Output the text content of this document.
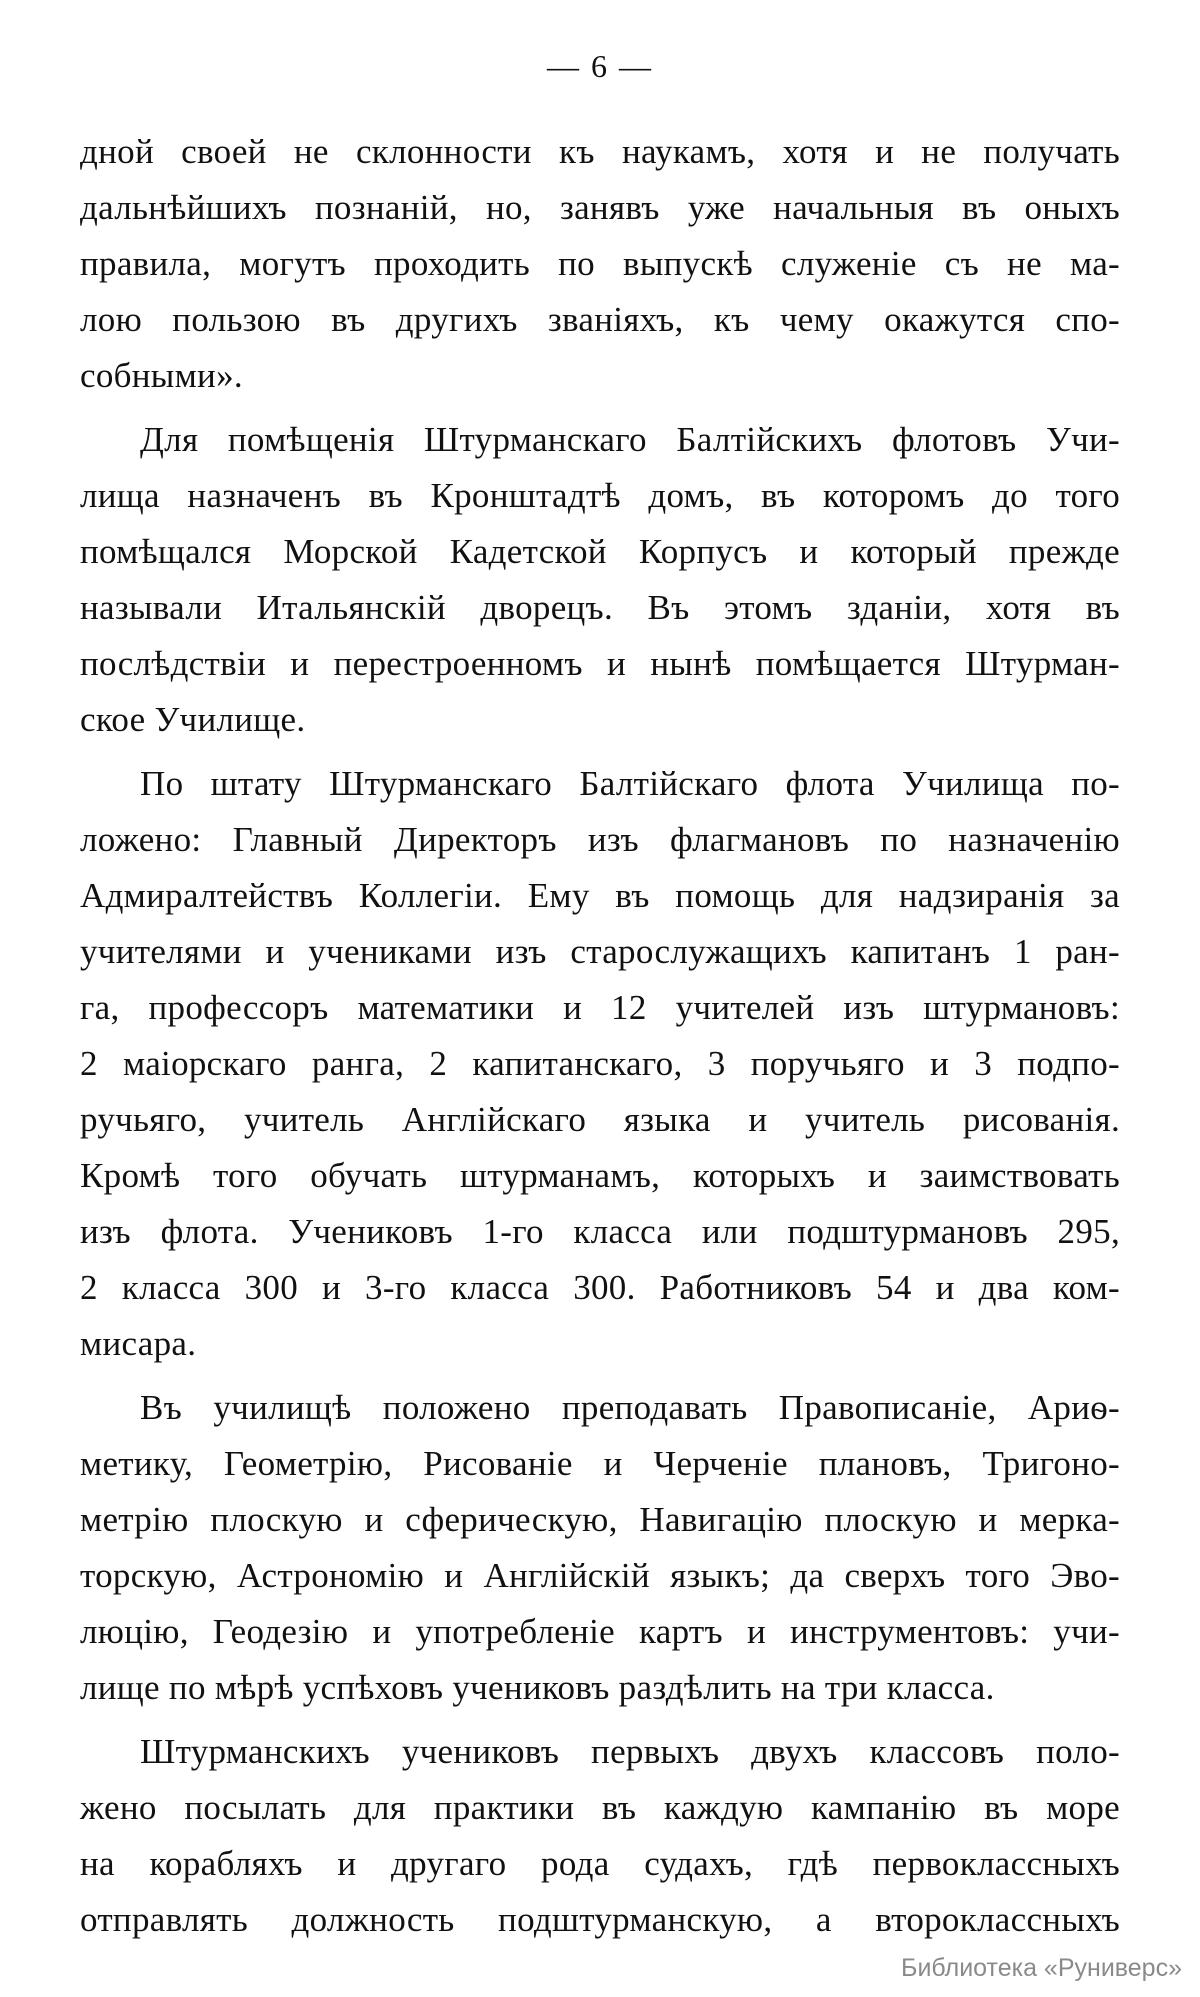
— 6 —
дной своей не склонности къ наукамъ, хотя и не получать
дальнѣйшихъ познаній, но, занявъ уже начальныя въ оныхъ
правила, могутъ проходить по выпускѣ служеніе съ не ма-
лою пользою въ другихъ званіяхъ, къ чему окажутся спо-
собными».
Для помѣщенія Штурманскаго Балтійскихъ флотовъ Учи-
лища назначенъ въ Кронштадтѣ домъ, въ которомъ до того
помѣщался Морской Кадетской Корпусъ и который прежде
называли Итальянскій дворецъ. Въ этомъ зданіи, хотя въ
послѣдствіи и перестроенномъ и нынѣ помѣщается Штурман-
ское Училище.
По штату Штурманскаго Балтійскаго флота Училища по-
ложено: Главный Директоръ изъ флагмановъ по назначенію
Адмиралтействъ Коллегіи. Ему въ помощь для надзиранія за
учителями и учениками изъ старослужащихъ капитанъ 1 ран-
га, профессоръ математики и 12 учителей изъ штурмановъ:
2 маіорскаго ранга, 2 капитанскаго, 3 поручьяго и 3 подпо-
ручьяго, учитель Англійскаго языка и учитель рисованія.
Кромѣ того обучать штурманамъ, которыхъ и заимствовать
изъ флота. Учениковъ 1-го класса или подштурмановъ 295,
2 класса 300 и 3-го класса 300. Работниковъ 54 и два ком-
мисара.
Въ училищѣ положено преподавать Правописаніе, Ариѳ-
метику, Геометрію, Рисованіе и Черченіе плановъ, Тригоно-
метрію плоскую и сферическую, Навигацію плоскую и мерка-
торскую, Астрономію и Англійскій языкъ; да сверхъ того Эво-
люцію, Геодезію и употребленіе картъ и инструментовъ: учи-
лище по мѣрѣ успѣховъ учениковъ раздѣлить на три класса.
Штурманскихъ учениковъ первыхъ двухъ классовъ поло-
жено посылать для практики въ каждую кампанію въ море
на корабляхъ и другаго рода судахъ, гдѣ первоклассныхъ
отправлять должность подштурманскую, а второклассныхъ
Библиотека «Руниверс»
